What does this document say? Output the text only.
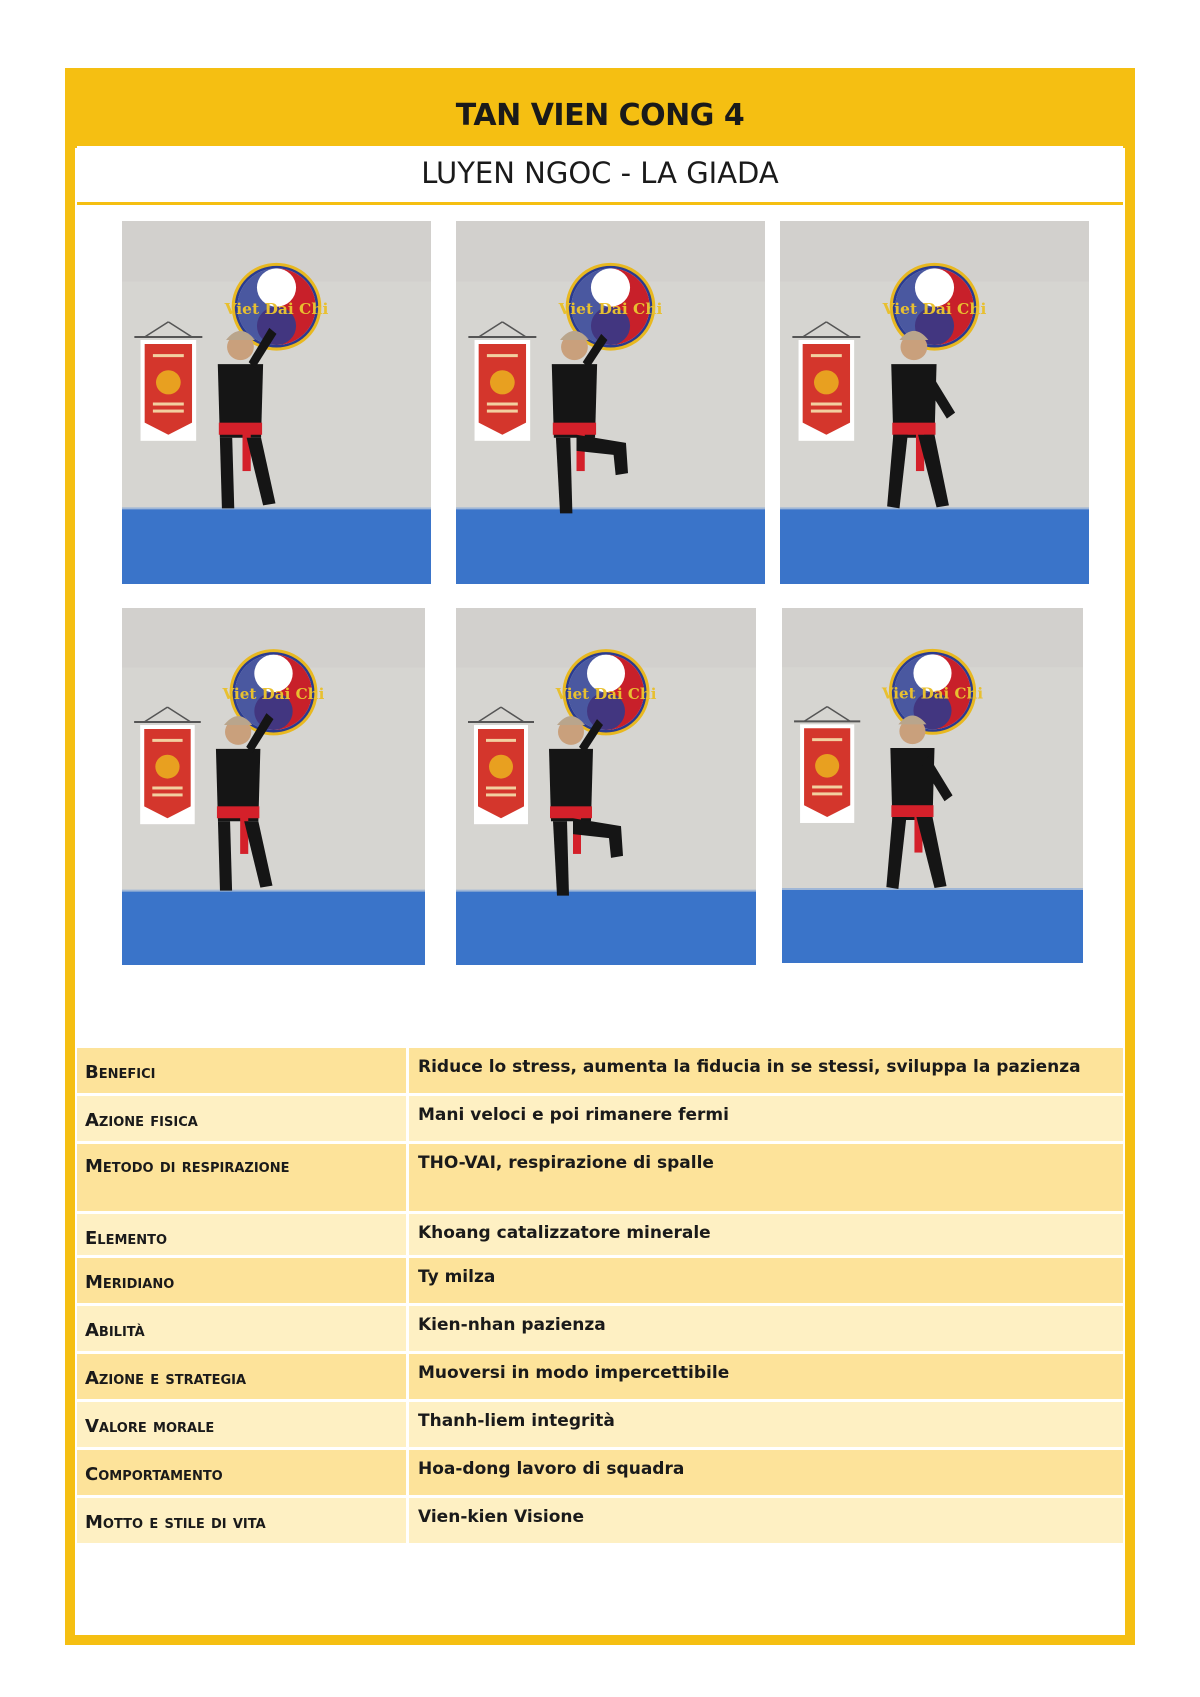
TAN VIEN CONG 4
LUYEN NGOC - LA GIADA
Viet Dai Chi	Viet Dai Chi	Viet Dai Chi
Viet Dai Chi	Viet Dai Chi	Viet Dai Chi
Benefici	Riduce lo stress, aumenta la fiducia in se stessi, sviluppa la pazienza
Azione fisica	Mani veloci e poi rimanere fermi
Metodo di respirazione	THO-VAI, respirazione di spalle
Elemento	Khoang catalizzatore minerale
Meridiano	Ty milza
Abilità	Kien-nhan pazienza
Azione e strategia	Muoversi in modo impercettibile
Valore morale	Thanh-liem integrità
Comportamento	Hoa-dong lavoro di squadra
Motto e stile di vita	Vien-kien Visione
